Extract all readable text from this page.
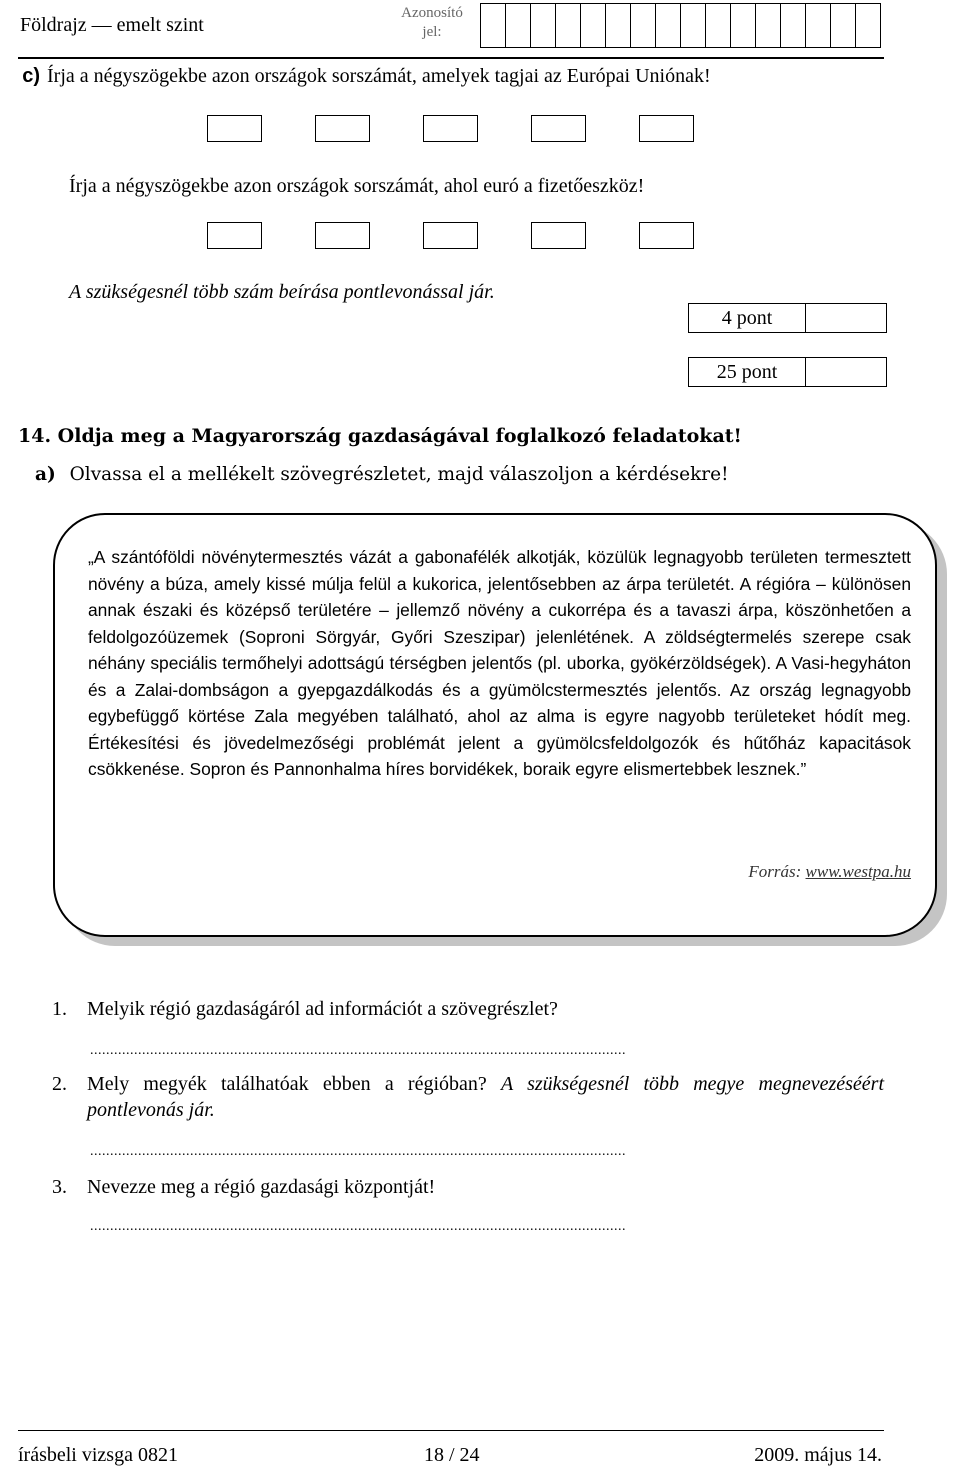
Földrajz — emelt szint
Azonosító
jel:
c) Írja a négyszögekbe azon országok sorszámát, amelyek tagjai az Európai Uniónak!
Írja a négyszögekbe azon országok sorszámát, ahol euró a fizetőeszköz!
A szükségesnél több szám beírása pontlevonással jár.
4 pont
25 pont
14. Oldja meg a Magyarország gazdaságával foglalkozó feladatokat!
a) Olvassa el a mellékelt szövegrészletet, majd válaszoljon a kérdésekre!
„A szántóföldi növénytermesztés vázát a gabonafélék alkotják, közülük legnagyobb területen termesztett növény a búza, amely kissé múlja felül a kukorica, jelentősebben az árpa területét. A régióra – különösen annak északi és középső területére – jellemző növény a cukorrépa és a tavaszi árpa, köszönhetően a feldolgozóüzemek (Soproni Sörgyár, Győri Szeszipar) jelenlétének. A zöldségtermelés szerepe csak néhány speciális termőhelyi adottságú térségben jelentős (pl. uborka, gyökérzöldségek). A Vasi-hegyháton és a Zalai-dombságon a gyepgazdálkodás és a gyümölcstermesztés jelentős. Az ország legnagyobb egybefüggő körtése Zala megyében található, ahol az alma is egyre nagyobb területeket hódít meg. Értékesítési és jövedelmezőségi problémát jelent a gyümölcsfeldolgozók és hűtőház kapacitások csökkenése. Sopron és Pannonhalma híres borvidékek, boraik egyre elismertebbek lesznek.”
Forrás: www.westpa.hu
1. Melyik régió gazdaságáról ad információt a szövegrészlet?
......................................................................................................................................
2.	Mely megyék találhatóak ebben a régióban? A szükségesnél több megye megnevezéséért pontlevonás jár.
......................................................................................................................................
3. Nevezze meg a régió gazdasági központját!
......................................................................................................................................
írásbeli vizsga 0821	18 / 24	2009. május 14.
